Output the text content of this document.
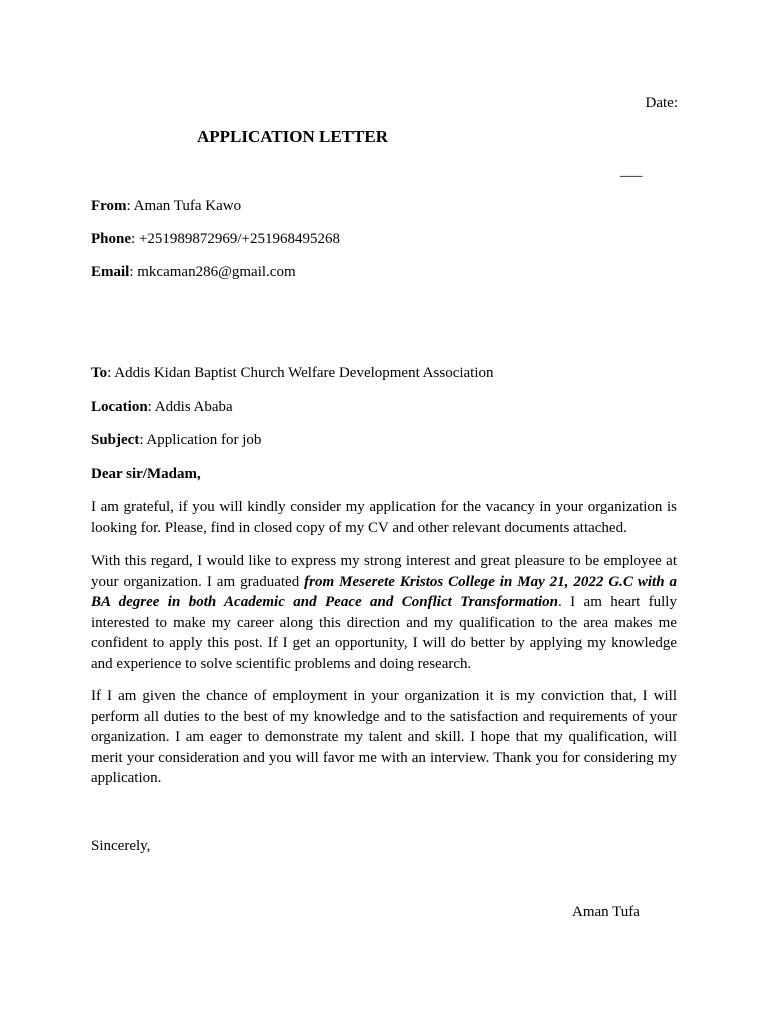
Date:

APPLICATION LETTER

___

From: Aman Tufa Kawo

Phone: +251989872969/+251968495268

Email: mkcaman286@gmail.com

To: Addis Kidan Baptist Church Welfare Development Association

Location: Addis Ababa

Subject: Application for job

Dear sir/Madam,

I am grateful, if you will kindly consider my application for the vacancy in your organization is looking for. Please, find in closed copy of my CV and other relevant documents attached.

With this regard, I would like to express my strong interest and great pleasure to be employee at your organization. I am graduated from Meserete Kristos College in May 21, 2022 G.C with a BA degree in both Academic and Peace and Conflict Transformation. I am heart fully interested to make my career along this direction and my qualification to the area makes me confident to apply this post. If I get an opportunity, I will do better by applying my knowledge and experience to solve scientific problems and doing research.

If I am given the chance of employment in your organization it is my conviction that, I will perform all duties to the best of my knowledge and to the satisfaction and requirements of your organization. I am eager to demonstrate my talent and skill. I hope that my qualification, will merit your consideration and you will favor me with an interview. Thank you for considering my application.

Sincerely,

Aman Tufa
